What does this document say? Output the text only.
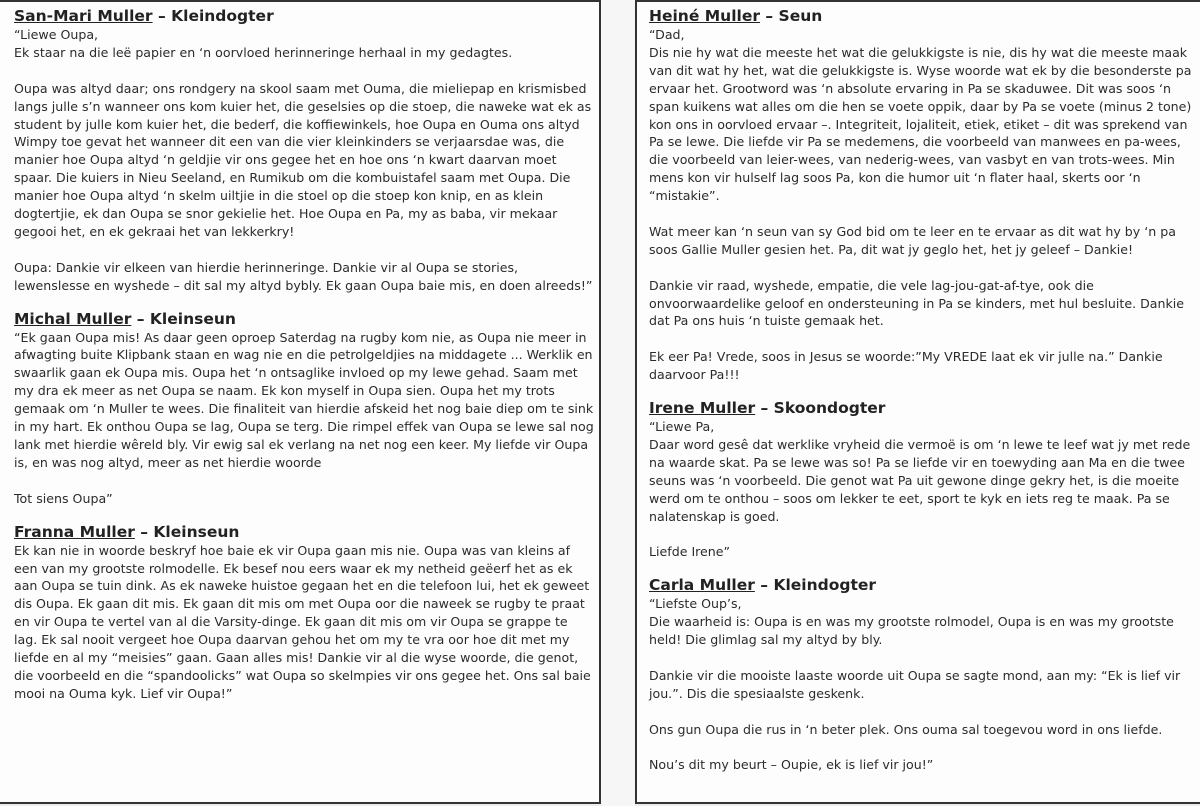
San-Mari Muller – Kleindogter

“Liewe Oupa,
Ek staar na die leë papier en ‘n oorvloed herinneringe herhaal in my gedagtes.

Oupa was altyd daar; ons rondgery na skool saam met Ouma, die mieliepap en krismisbed langs julle s’n wanneer ons kom kuier het, die geselsies op die stoep, die naweke wat ek as student by julle kom kuier het, die bederf, die koffiewinkels, hoe Oupa en Ouma ons altyd Wimpy toe gevat het wanneer dit een van die vier kleinkinders se verjaarsdae was, die manier hoe Oupa altyd ‘n geldjie vir ons gegee het en hoe ons ‘n kwart daarvan moet spaar. Die kuiers in Nieu Seeland, en Rumikub om die kombuistafel saam met Oupa. Die manier hoe Oupa altyd ‘n skelm uiltjie in die stoel op die stoep kon knip, en as klein dogtertjie, ek dan Oupa se snor gekielie het. Hoe Oupa en Pa, my as baba, vir mekaar gegooi het, en ek gekraai het van lekkerkry!

Oupa: Dankie vir elkeen van hierdie herinneringe. Dankie vir al Oupa se stories, lewenslesse en wyshede – dit sal my altyd bybly. Ek gaan Oupa baie mis, en doen alreeds!”

Michal Muller – Kleinseun

“Ek gaan Oupa mis! As daar geen oproep Saterdag na rugby kom nie, as Oupa nie meer in afwagting buite Klipbank staan en wag nie en die petrolgeldjies na middagete ... Werklik en swaarlik gaan ek Oupa mis. Oupa het ‘n ontsaglike invloed op my lewe gehad. Saam met my dra ek meer as net Oupa se naam. Ek kon myself in Oupa sien. Oupa het my trots gemaak om ‘n Muller te wees. Die finaliteit van hierdie afskeid het nog baie diep om te sink in my hart. Ek onthou Oupa se lag, Oupa se terg. Die rimpel effek van Oupa se lewe sal nog lank met hierdie wêreld bly. Vir ewig sal ek verlang na net nog een keer. My liefde vir Oupa is, en was nog altyd, meer as net hierdie woorde

Tot siens Oupa”

Franna Muller – Kleinseun

Ek kan nie in woorde beskryf hoe baie ek vir Oupa gaan mis nie. Oupa was van kleins af een van my grootste rolmodelle. Ek besef nou eers waar ek my netheid geëerf het as ek aan Oupa se tuin dink. As ek naweke huistoe gegaan het en die telefoon lui, het ek geweet dis Oupa. Ek gaan dit mis. Ek gaan dit mis om met Oupa oor die naweek se rugby te praat en vir Oupa te vertel van al die Varsity-dinge. Ek gaan dit mis om vir Oupa se grappe te lag. Ek sal nooit vergeet hoe Oupa daarvan gehou het om my te vra oor hoe dit met my liefde en al my “meisies” gaan. Gaan alles mis! Dankie vir al die wyse woorde, die genot, die voorbeeld en die “spandoolicks” wat Oupa so skelmpies vir ons gegee het. Ons sal baie mooi na Ouma kyk. Lief vir Oupa!”

Heiné Muller – Seun

“Dad,
Dis nie hy wat die meeste het wat die gelukkigste is nie, dis hy wat die meeste maak van dit wat hy het, wat die gelukkigste is. Wyse woorde wat ek by die besonderste pa ervaar het. Grootword was ‘n absolute ervaring in Pa se skaduwee. Dit was soos ‘n span kuikens wat alles om die hen se voete oppik, daar by Pa se voete (minus 2 tone) kon ons in oorvloed ervaar –. Integriteit, lojaliteit, etiek, etiket – dit was sprekend van Pa se lewe. Die liefde vir Pa se medemens, die voorbeeld van manwees en pa-wees, die voorbeeld van leier-wees, van nederig-wees, van vasbyt en van trots-wees. Min mens kon vir hulself lag soos Pa, kon die humor uit ‘n flater haal, skerts oor ‘n “mistakie”.

Wat meer kan ‘n seun van sy God bid om te leer en te ervaar as dit wat hy by ‘n pa soos Gallie Muller gesien het. Pa, dit wat jy geglo het, het jy geleef – Dankie!

Dankie vir raad, wyshede, empatie, die vele lag-jou-gat-af-tye, ook die onvoorwaardelike geloof en ondersteuning in Pa se kinders, met hul besluite. Dankie dat Pa ons huis ‘n tuiste gemaak het.

Ek eer Pa! Vrede, soos in Jesus se woorde:”My VREDE laat ek vir julle na.” Dankie daarvoor Pa!!!

Irene Muller – Skoondogter

“Liewe Pa,
Daar word gesê dat werklike vryheid die vermoë is om ‘n lewe te leef wat jy met rede na waarde skat. Pa se lewe was so! Pa se liefde vir en toewyding aan Ma en die twee seuns was ‘n voorbeeld. Die genot wat Pa uit gewone dinge gekry het, is die moeite werd om te onthou – soos om lekker te eet, sport te kyk en iets reg te maak. Pa se nalatenskap is goed.

Liefde Irene”

Carla Muller – Kleindogter

“Liefste Oup’s,
Die waarheid is: Oupa is en was my grootste rolmodel, Oupa is en was my grootste held! Die glimlag sal my altyd by bly.

Dankie vir die mooiste laaste woorde uit Oupa se sagte mond, aan my: “Ek is lief vir jou.”. Dis die spesiaalste geskenk.

Ons gun Oupa die rus in ‘n beter plek. Ons ouma sal toegevou word in ons liefde.

Nou’s dit my beurt – Oupie, ek is lief vir jou!”
